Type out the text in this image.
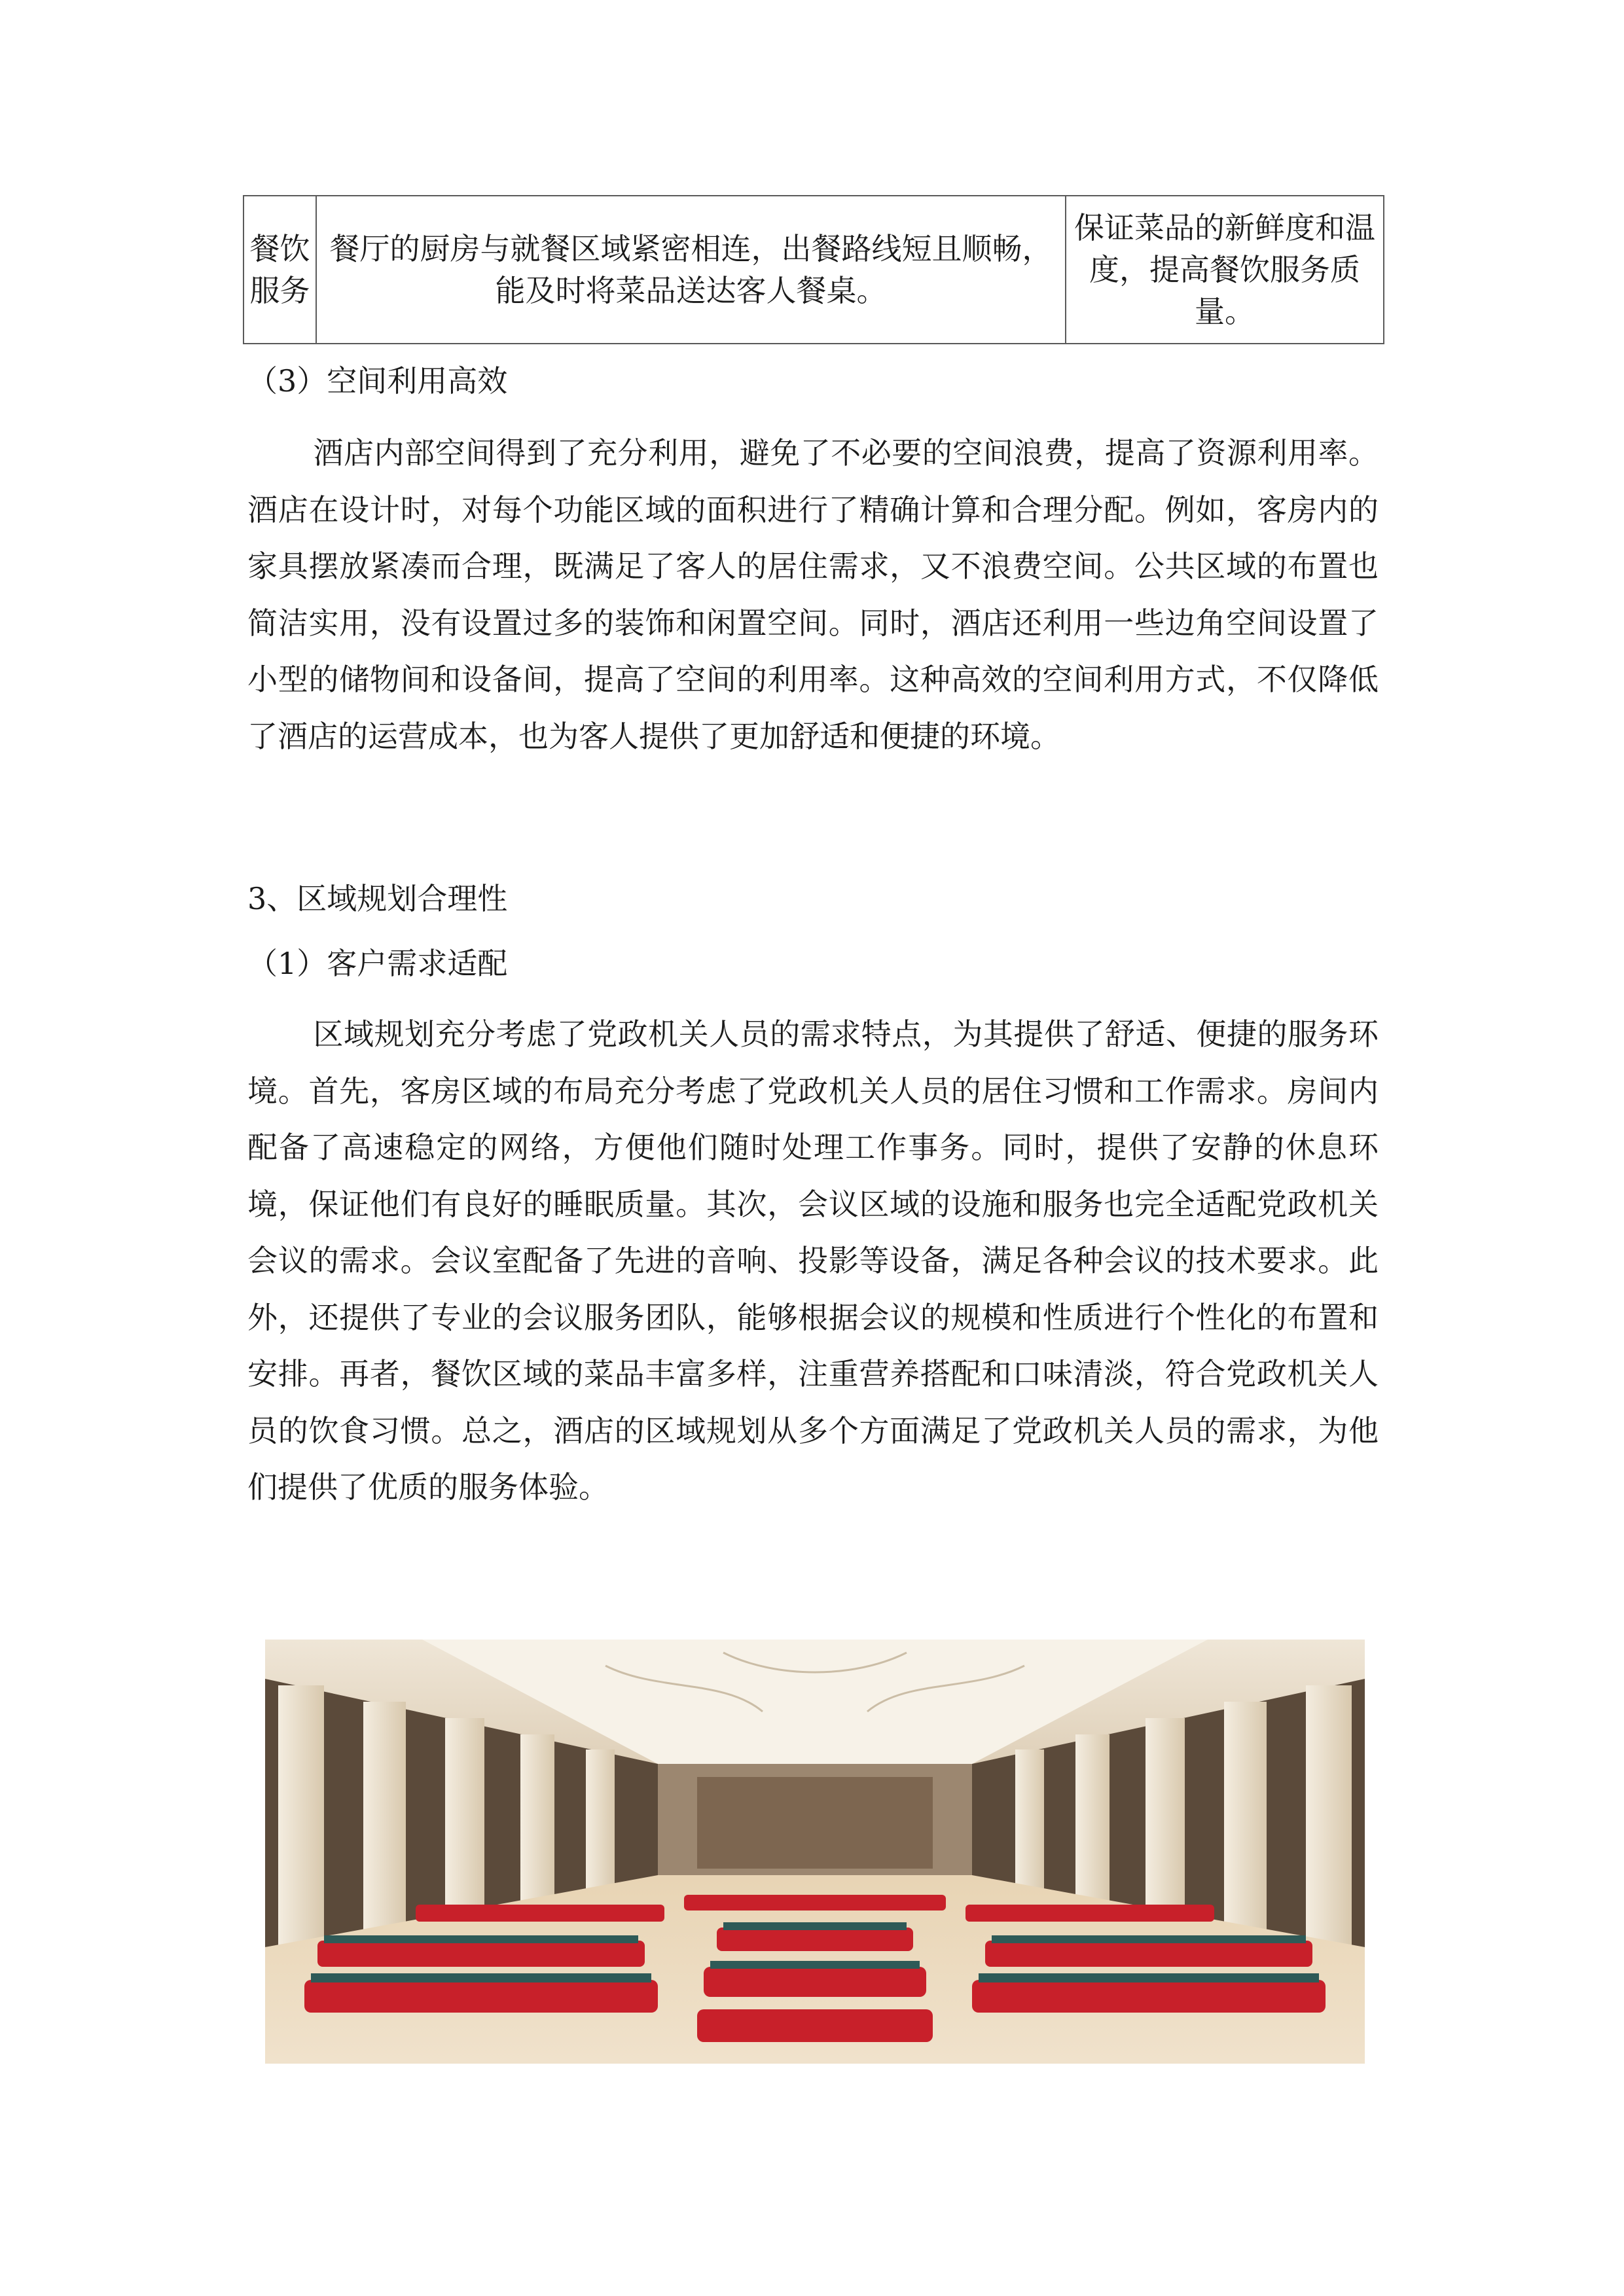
餐饮服务	餐厅的厨房与就餐区域紧密相连，出餐路线短且顺畅，能及时将菜品送达客人餐桌。	保证菜品的新鲜度和温度，提高餐饮服务质量。
（3）空间利用高效
酒店内部空间得到了充分利用，避免了不必要的空间浪费，提高了资源利用率。酒店在设计时，对每个功能区域的面积进行了精确计算和合理分配。例如，客房内的家具摆放紧凑而合理，既满足了客人的居住需求，又不浪费空间。公共区域的布置也简洁实用，没有设置过多的装饰和闲置空间。同时，酒店还利用一些边角空间设置了小型的储物间和设备间，提高了空间的利用率。这种高效的空间利用方式，不仅降低了酒店的运营成本，也为客人提供了更加舒适和便捷的环境。
3、区域规划合理性
（1）客户需求适配
区域规划充分考虑了党政机关人员的需求特点，为其提供了舒适、便捷的服务环境。首先，客房区域的布局充分考虑了党政机关人员的居住习惯和工作需求。房间内配备了高速稳定的网络，方便他们随时处理工作事务。同时，提供了安静的休息环境，保证他们有良好的睡眠质量。其次，会议区域的设施和服务也完全适配党政机关会议的需求。会议室配备了先进的音响、投影等设备，满足各种会议的技术要求。此外，还提供了专业的会议服务团队，能够根据会议的规模和性质进行个性化的布置和安排。再者，餐饮区域的菜品丰富多样，注重营养搭配和口味清淡，符合党政机关人员的饮食习惯。总之，酒店的区域规划从多个方面满足了党政机关人员的需求，为他们提供了优质的服务体验。
